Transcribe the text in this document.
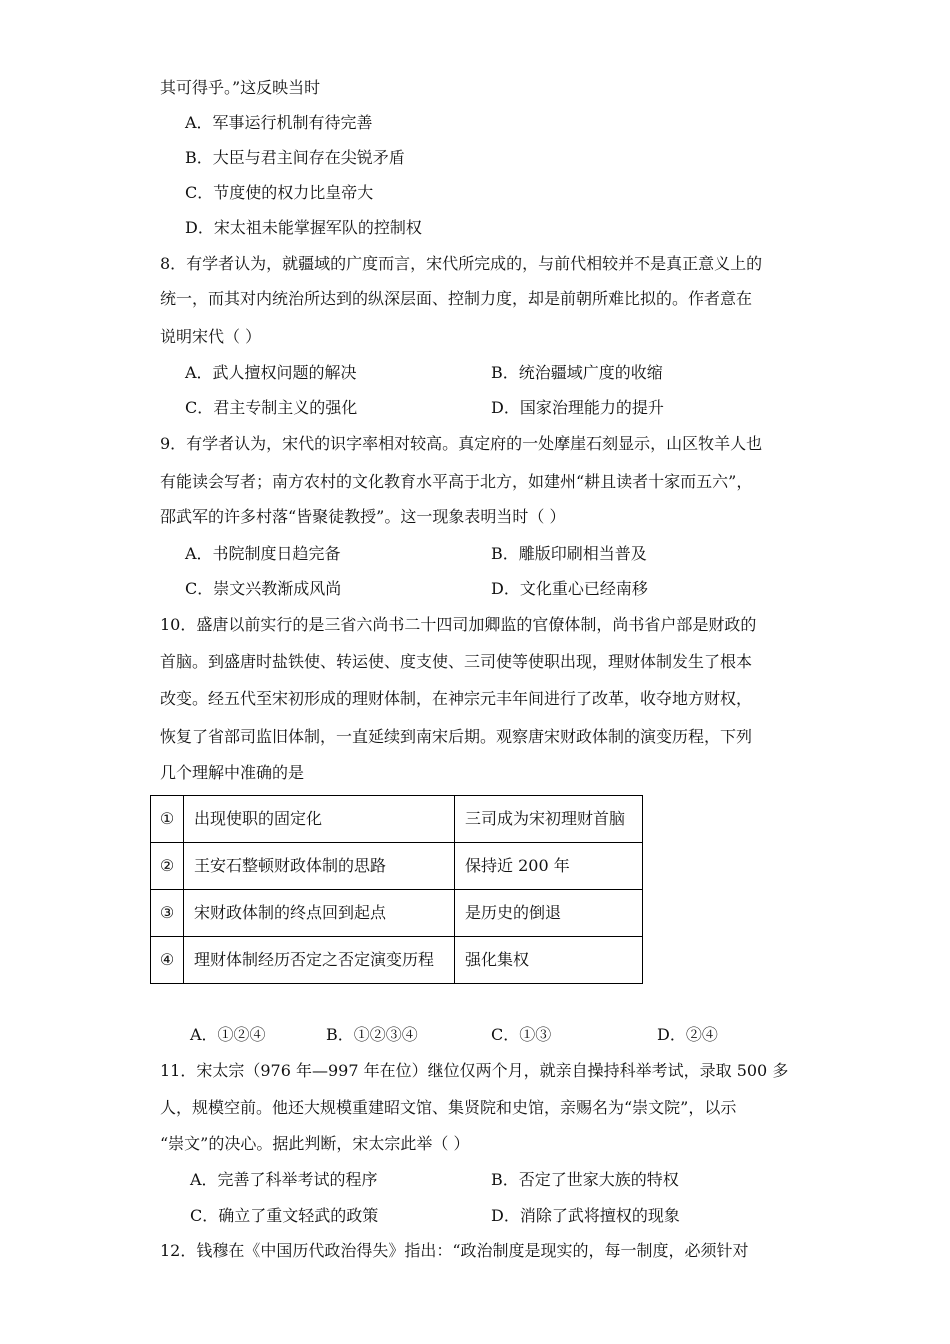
其可得乎。”这反映当时
A．军事运行机制有待完善
B．大臣与君主间存在尖锐矛盾
C．节度使的权力比皇帝大
D．宋太祖未能掌握军队的控制权
8．有学者认为，就疆域的广度而言，宋代所完成的，与前代相较并不是真正意义上的
统一，而其对内统治所达到的纵深层面、控制力度，却是前朝所难比拟的。作者意在
说明宋代（ ）
A．武人擅权问题的解决	B．统治疆域广度的收缩
C．君主专制主义的强化	D．国家治理能力的提升
9．有学者认为，宋代的识字率相对较高。真定府的一处摩崖石刻显示，山区牧羊人也
有能读会写者；南方农村的文化教育水平高于北方，如建州“耕且读者十家而五六”，
邵武军的许多村落“皆聚徒教授”。这一现象表明当时（ ）
A．书院制度日趋完备	B．雕版印刷相当普及
C．崇文兴教渐成风尚	D．文化重心已经南移
10．盛唐以前实行的是三省六尚书二十四司加卿监的官僚体制，尚书省户部是财政的
首脑。到盛唐时盐铁使、转运使、度支使、三司使等使职出现，理财体制发生了根本
改变。经五代至宋初形成的理财体制，在神宗元丰年间进行了改革，收夺地方财权，
恢复了省部司监旧体制，一直延续到南宋后期。观察唐宋财政体制的演变历程，下列
几个理解中准确的是
①	出现使职的固定化	三司成为宋初理财首脑
②	王安石整顿财政体制的思路	保持近 200 年
③	宋财政体制的终点回到起点	是历史的倒退
④	理财体制经历否定之否定演变历程	强化集权
A．①②④	B．①②③④	C．①③	D．②④
11．宋太宗（976 年—997 年在位）继位仅两个月，就亲自操持科举考试，录取 500 多
人，规模空前。他还大规模重建昭文馆、集贤院和史馆，亲赐名为“崇文院”，以示
“崇文”的决心。据此判断，宋太宗此举（ ）
A．完善了科举考试的程序	B．否定了世家大族的特权
C．确立了重文轻武的政策	D．消除了武将擅权的现象
12．钱穆在《中国历代政治得失》指出：“政治制度是现实的，每一制度，必须针对
